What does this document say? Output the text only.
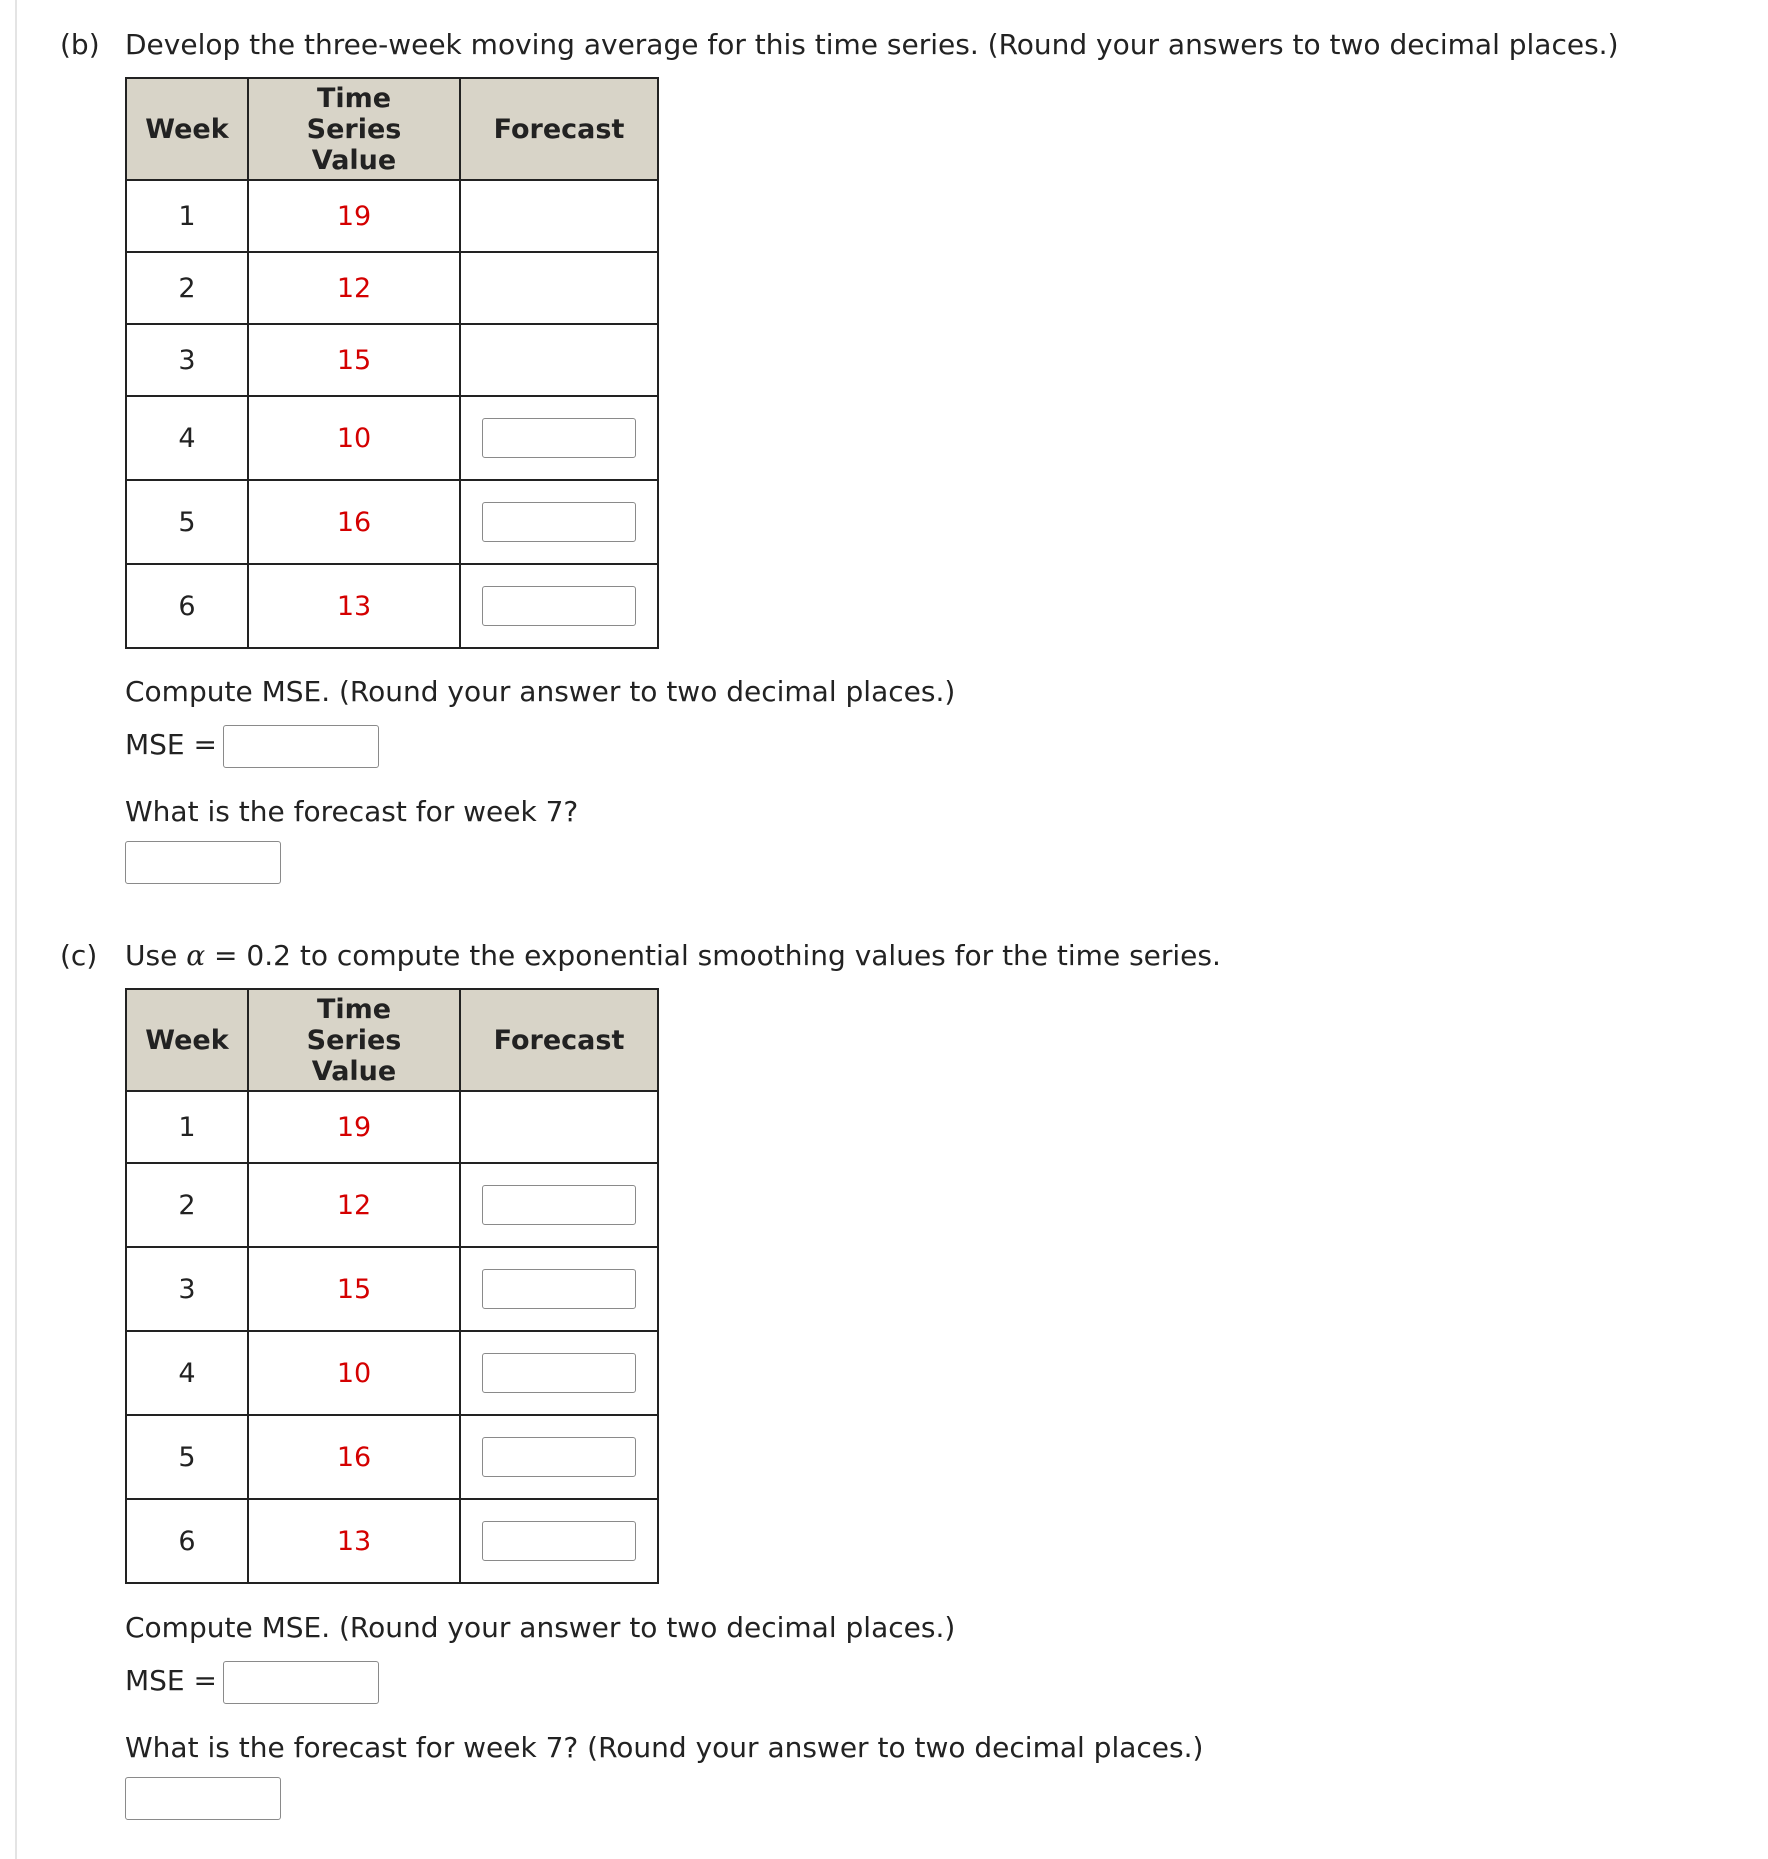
(b) Develop the three-week moving average for this time series. (Round your answers to two decimal places.)
Week	Time Series Value	Forecast
1	19	
2	12	
3	15	
4	10	
5	16	
6	13	
Compute MSE. (Round your answer to two decimal places.)
MSE =
What is the forecast for week 7?
(c) Use α = 0.2 to compute the exponential smoothing values for the time series.
Week	Time Series Value	Forecast
1	19	
2	12	
3	15	
4	10	
5	16	
6	13	
Compute MSE. (Round your answer to two decimal places.)
MSE =
What is the forecast for week 7? (Round your answer to two decimal places.)
